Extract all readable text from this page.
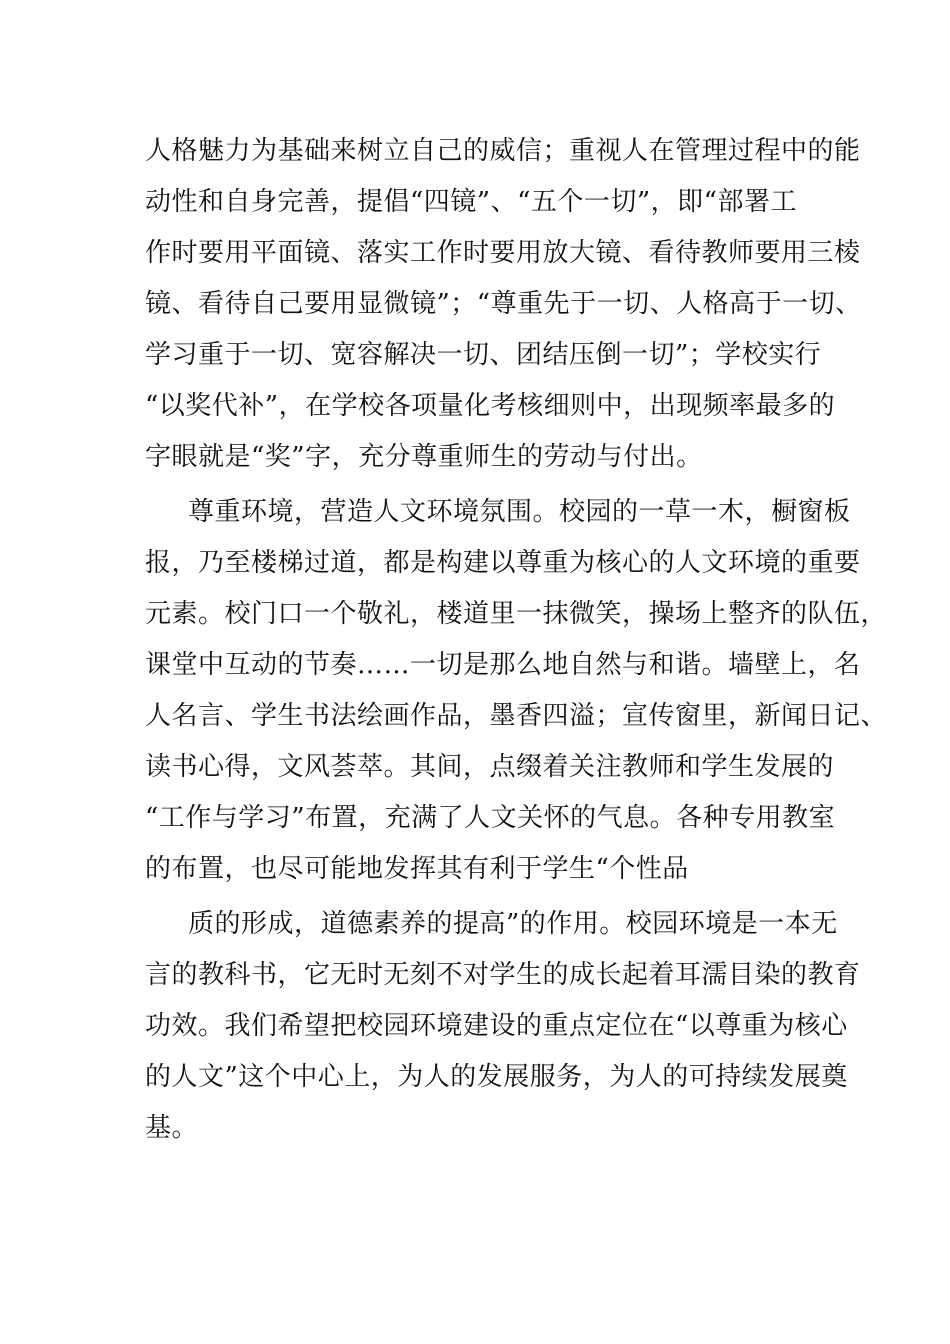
人格魅力为基础来树立自己的威信；重视人在管理过程中的能
动性和自身完善，提倡“四镜”、“五个一切”，即“部署工
作时要用平面镜、落实工作时要用放大镜、看待教师要用三棱
镜、看待自己要用显微镜”；“尊重先于一切、人格高于一切、
学习重于一切、宽容解决一切、团结压倒一切”；学校实行
“以奖代补”，在学校各项量化考核细则中，出现频率最多的
字眼就是“奖”字，充分尊重师生的劳动与付出。
尊重环境，营造人文环境氛围。校园的一草一木，橱窗板
报，乃至楼梯过道，都是构建以尊重为核心的人文环境的重要
元素。校门口一个敬礼，楼道里一抹微笑，操场上整齐的队伍，
课堂中互动的节奏……一切是那么地自然与和谐。墙壁上，名
人名言、学生书法绘画作品，墨香四溢；宣传窗里，新闻日记、
读书心得，文风荟萃。其间，点缀着关注教师和学生发展的
“工作与学习”布置，充满了人文关怀的气息。各种专用教室
的布置，也尽可能地发挥其有利于学生“个性品
质的形成，道德素养的提高”的作用。校园环境是一本无
言的教科书，它无时无刻不对学生的成长起着耳濡目染的教育
功效。我们希望把校园环境建设的重点定位在“以尊重为核心
的人文”这个中心上，为人的发展服务，为人的可持续发展奠
基。
